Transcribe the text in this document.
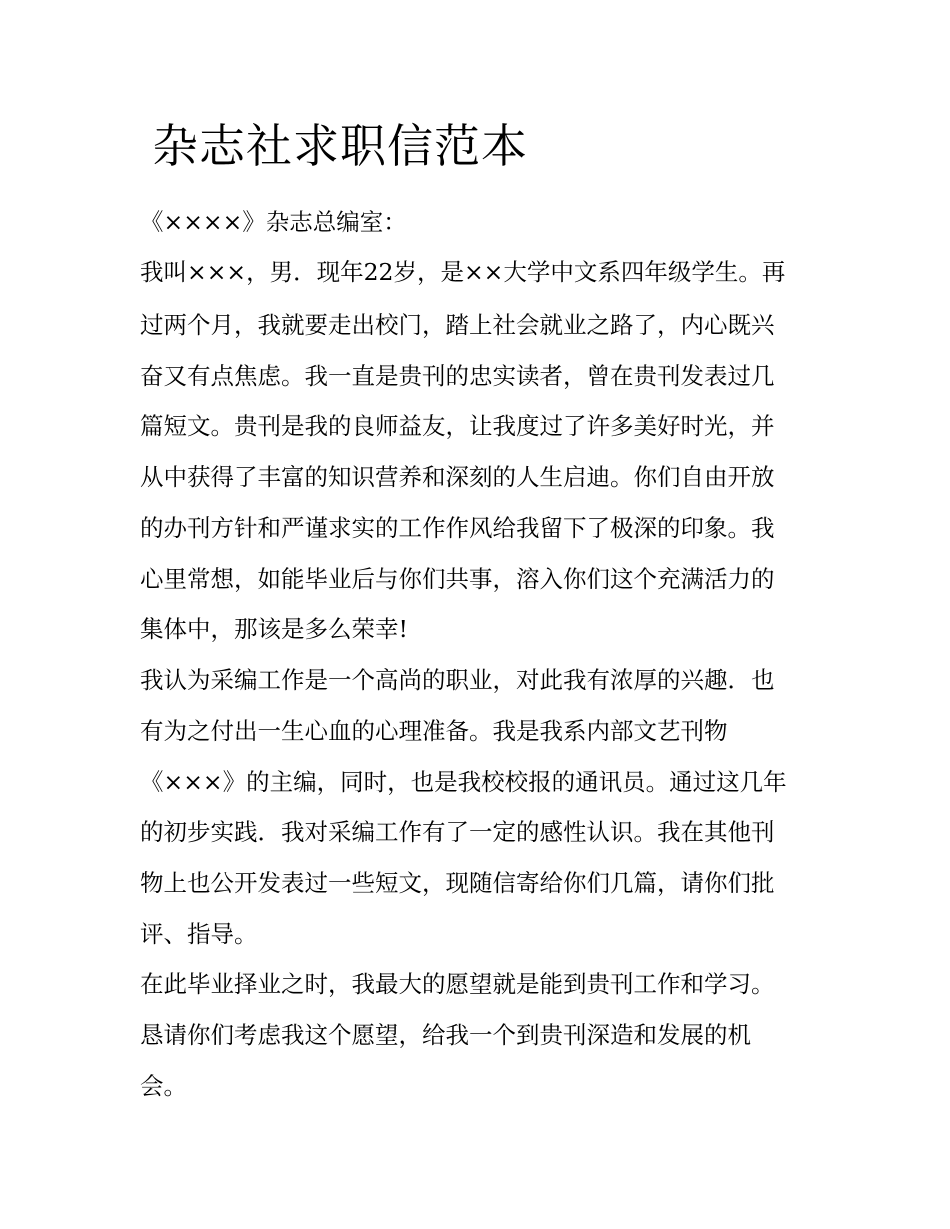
杂志社求职信范本

《××××》杂志总编室：

我叫×××，男．现年22岁，是××大学中文系四年级学生。再

过两个月，我就要走出校门，踏上社会就业之路了，内心既兴

奋又有点焦虑。我一直是贵刊的忠实读者，曾在贵刊发表过几

篇短文。贵刊是我的良师益友，让我度过了许多美好时光，并

从中获得了丰富的知识营养和深刻的人生启迪。你们自由开放

的办刊方针和严谨求实的工作作风给我留下了极深的印象。我

心里常想，如能毕业后与你们共事，溶入你们这个充满活力的

集体中，那该是多么荣幸!

我认为采编工作是一个高尚的职业，对此我有浓厚的兴趣．也

有为之付出一生心血的心理准备。我是我系内部文艺刊物

《×××》的主编，同时，也是我校校报的通讯员。通过这几年

的初步实践．我对采编工作有了一定的感性认识。我在其他刊

物上也公开发表过一些短文，现随信寄给你们几篇，请你们批

评、指导。

在此毕业择业之时，我最大的愿望就是能到贵刊工作和学习。

恳请你们考虑我这个愿望，给我一个到贵刊深造和发展的机

会。
